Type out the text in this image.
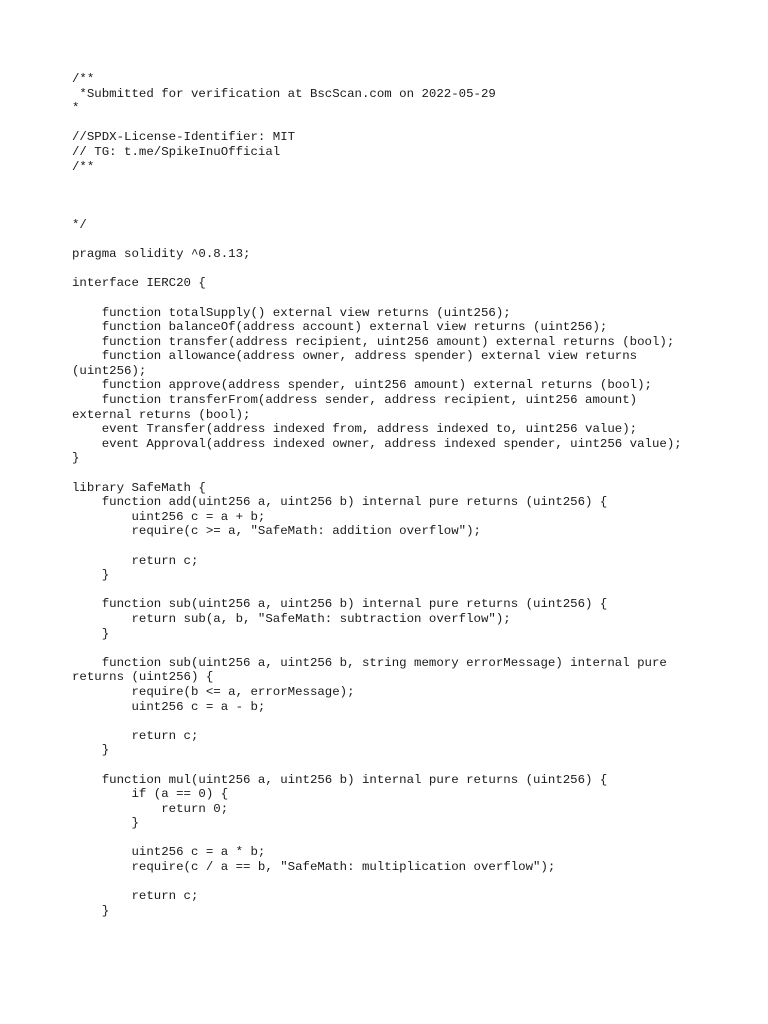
/**
*Submitted for verification at BscScan.com on 2022-05-29
*
//SPDX-License-Identifier: MIT
// TG: t.me/SpikeInuOfficial
/**
*/
pragma solidity ^0.8.13;
interface IERC20 {
function totalSupply() external view returns (uint256);
function balanceOf(address account) external view returns (uint256);
function transfer(address recipient, uint256 amount) external returns (bool);
function allowance(address owner, address spender) external view returns
(uint256);
function approve(address spender, uint256 amount) external returns (bool);
function transferFrom(address sender, address recipient, uint256 amount)
external returns (bool);
event Transfer(address indexed from, address indexed to, uint256 value);
event Approval(address indexed owner, address indexed spender, uint256 value);
}
library SafeMath {
function add(uint256 a, uint256 b) internal pure returns (uint256) {
uint256 c = a + b;
require(c >= a, "SafeMath: addition overflow");
return c;
}
function sub(uint256 a, uint256 b) internal pure returns (uint256) {
return sub(a, b, "SafeMath: subtraction overflow");
}
function sub(uint256 a, uint256 b, string memory errorMessage) internal pure
returns (uint256) {
require(b <= a, errorMessage);
uint256 c = a - b;
return c;
}
function mul(uint256 a, uint256 b) internal pure returns (uint256) {
if (a == 0) {
return 0;
}
uint256 c = a * b;
require(c / a == b, "SafeMath: multiplication overflow");
return c;
}
